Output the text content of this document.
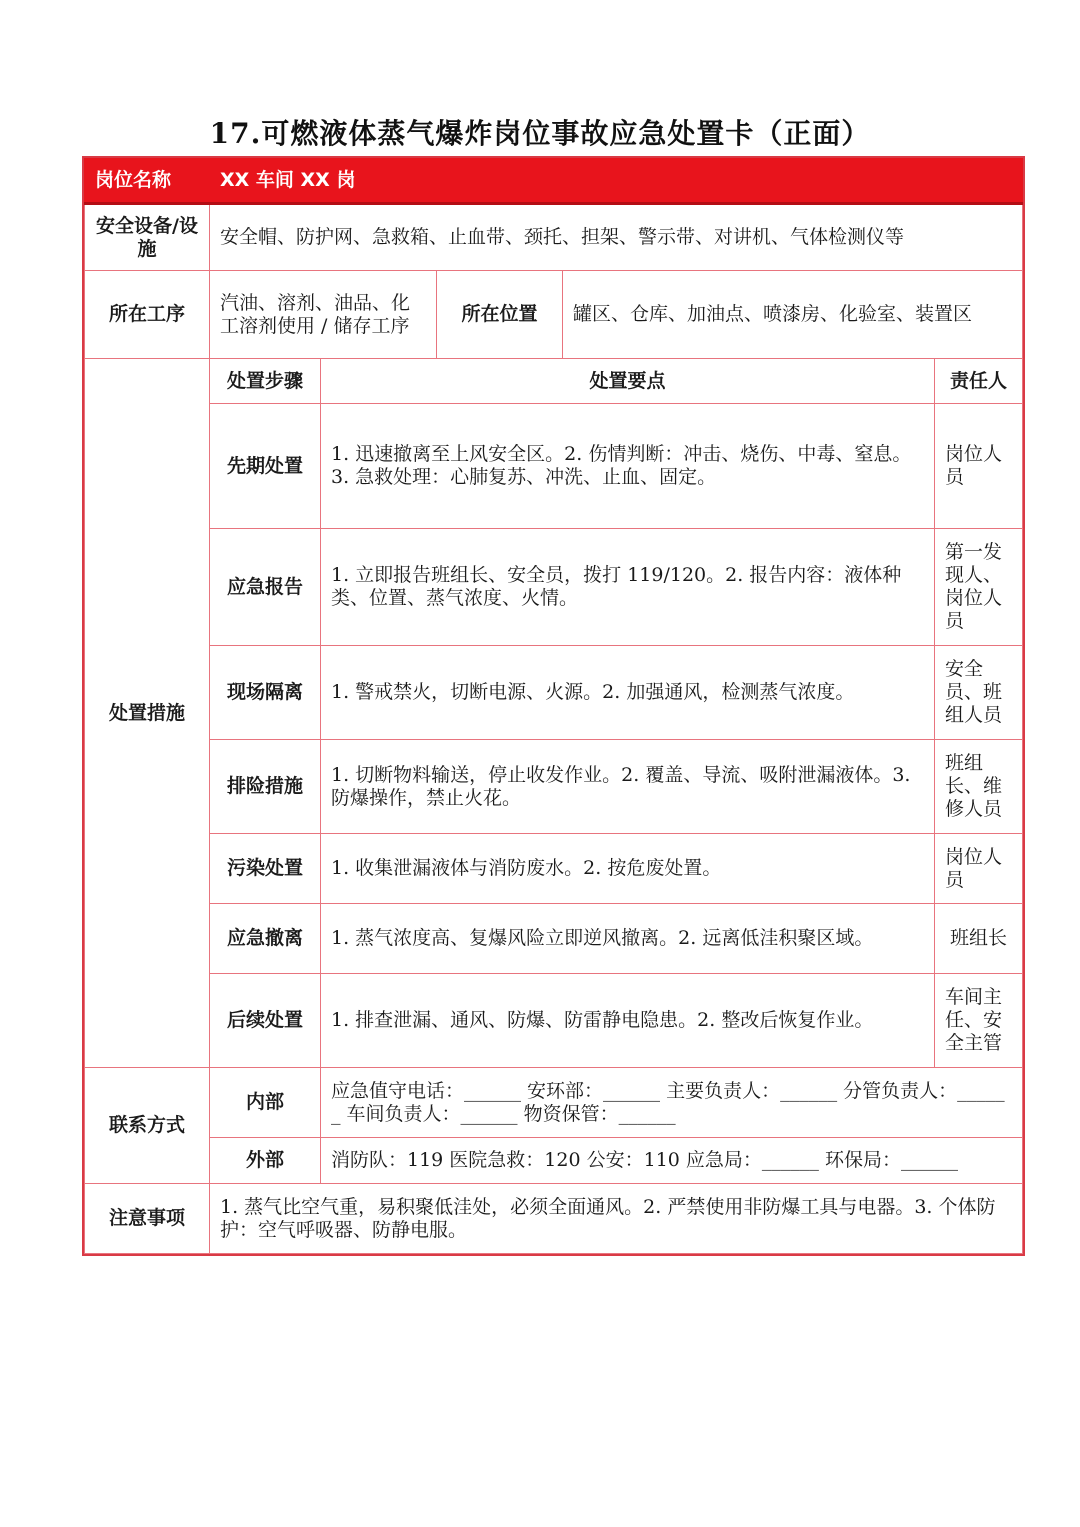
17.可燃液体蒸气爆炸岗位事故应急处置卡（正面）
岗位名称	XX 车间 XX 岗				
安全设备/设施	安全帽、防护网、急救箱、止血带、颈托、担架、警示带、对讲机、气体检测仪等				
所在工序	汽油、溶剂、油品、化工溶剂使用 / 储存工序		所在位置	罐区、仓库、加油点、喷漆房、化验室、装置区	
处置措施	处置步骤	处置要点			责任人
	先期处置	1. 迅速撤离至上风安全区。2. 伤情判断：冲击、烧伤、中毒、窒息。3. 急救处理：心肺复苏、冲洗、止血、固定。			岗位人员
	应急报告	1. 立即报告班组长、安全员，拨打 119/120。2. 报告内容：液体种类、位置、蒸气浓度、火情。			第一发现人、岗位人员
	现场隔离	1. 警戒禁火，切断电源、火源。2. 加强通风，检测蒸气浓度。			安全员、班组人员
	排险措施	1. 切断物料输送，停止收发作业。2. 覆盖、导流、吸附泄漏液体。3. 防爆操作，禁止火花。			班组长、维修人员
	污染处置	1. 收集泄漏液体与消防废水。2. 按危废处置。			岗位人员
	应急撤离	1. 蒸气浓度高、复爆风险立即逆风撤离。2. 远离低洼积聚区域。			班组长
	后续处置	1. 排查泄漏、通风、防爆、防雷静电隐患。2. 整改后恢复作业。			车间主任、安全主管
联系方式	内部	应急值守电话：______ 安环部：______ 主要负责人：______ 分管负责人：______ 车间负责人：______ 物资保管：______			
	外部	消防队：119 医院急救：120 公安：110 应急局：______ 环保局：______			
注意事项	1. 蒸气比空气重，易积聚低洼处，必须全面通风。2. 严禁使用非防爆工具与电器。3. 个体防护：空气呼吸器、防静电服。				
